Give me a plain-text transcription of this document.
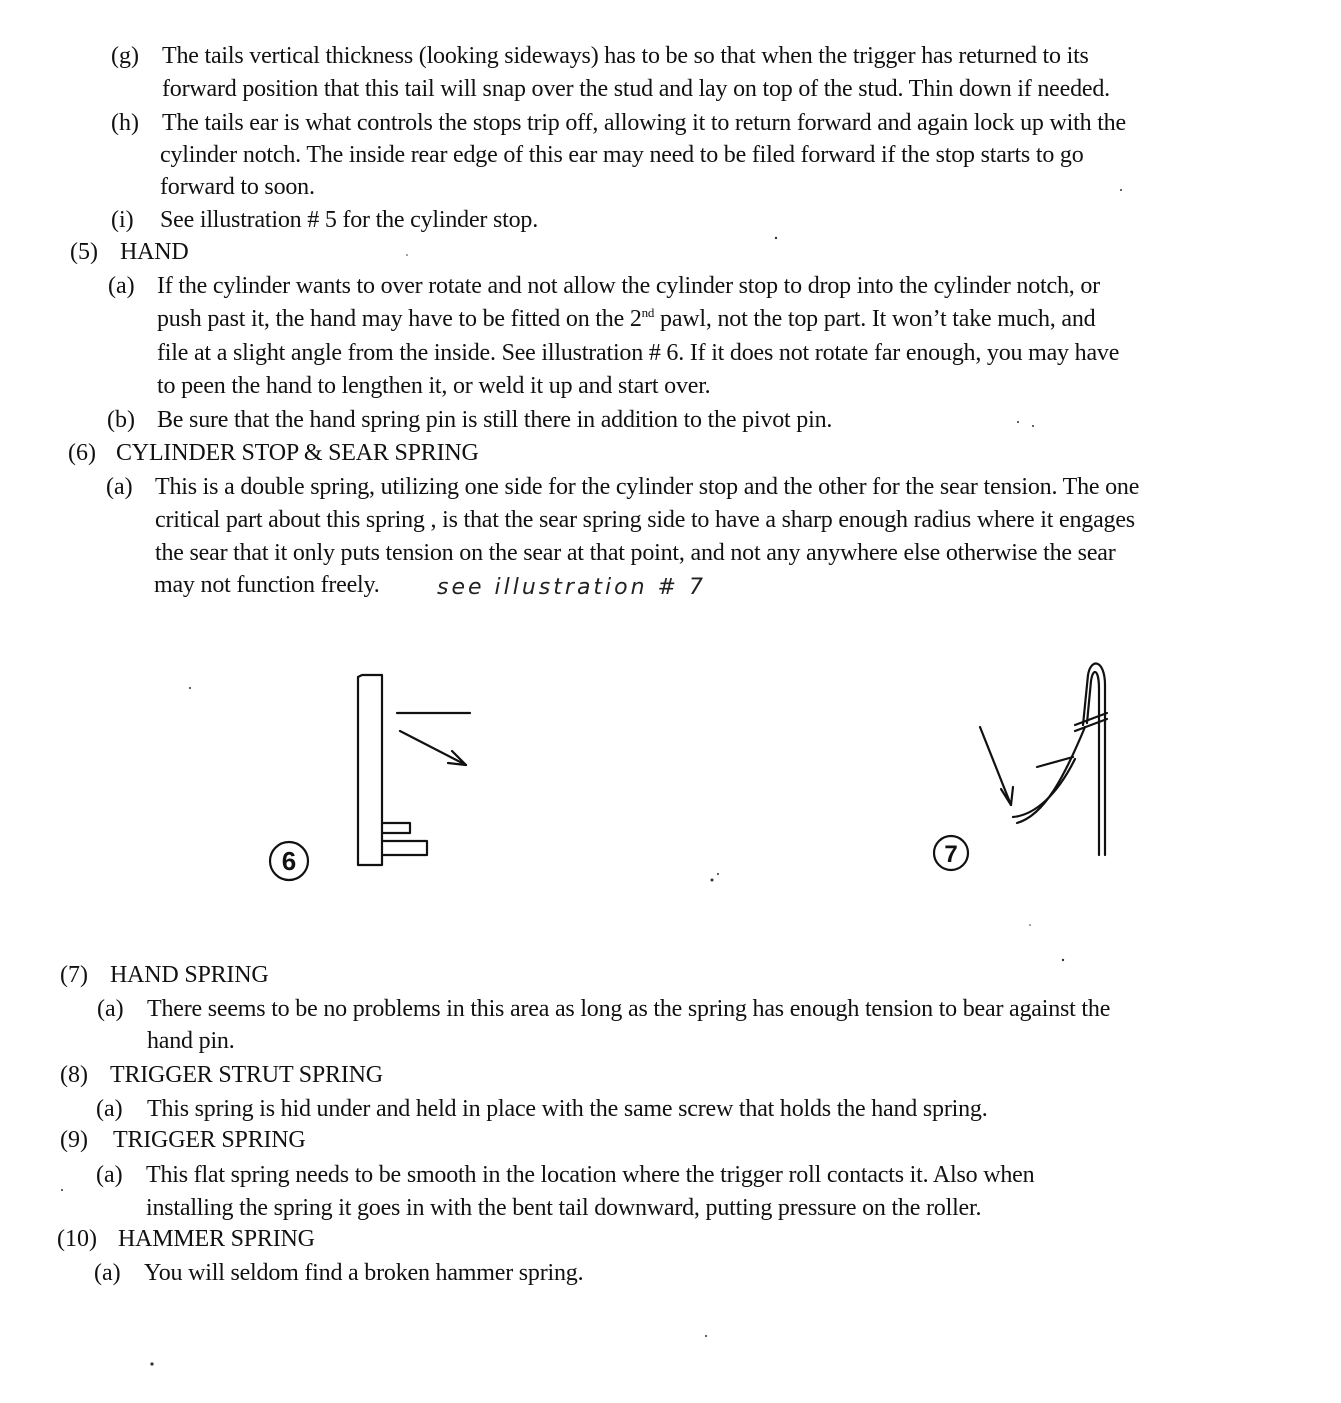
(g) The tails vertical thickness (looking sideways) has to be so that when the trigger has returned to its
forward position that this tail will snap over the stud and lay on top of the stud. Thin down if needed.
(h) The tails ear is what controls the stops trip off, allowing it to return forward and again lock up with the
cylinder notch. The inside rear edge of this ear may need to be filed forward if the stop starts to go
forward to soon.
(i) See illustration # 5 for the cylinder stop.
(5) HAND
(a) If the cylinder wants to over rotate and not allow the cylinder stop to drop into the cylinder notch, or
push past it, the hand may have to be fitted on the 2nd pawl, not the top part. It won’t take much, and
file at a slight angle from the inside. See illustration # 6. If it does not rotate far enough, you may have
to peen the hand to lengthen it, or weld it up and start over.
(b) Be sure that the hand spring pin is still there in addition to the pivot pin.
(6) CYLINDER STOP & SEAR SPRING
(a) This is a double spring, utilizing one side for the cylinder stop and the other for the sear tension. The one
critical part about this spring , is that the sear spring side to have a sharp enough radius where it engages
the sear that it only puts tension on the sear at that point, and not any anywhere else otherwise the sear
may not function freely.	see illustration # 7
6	7
(7) HAND SPRING
(a) There seems to be no problems in this area as long as the spring has enough tension to bear against the
hand pin.
(8) TRIGGER STRUT SPRING
(a) This spring is hid under and held in place with the same screw that holds the hand spring.
(9) TRIGGER SPRING
(a) This flat spring needs to be smooth in the location where the trigger roll contacts it. Also when
installing the spring it goes in with the bent tail downward, putting pressure on the roller.
(10) HAMMER SPRING
(a) You will seldom find a broken hammer spring.
